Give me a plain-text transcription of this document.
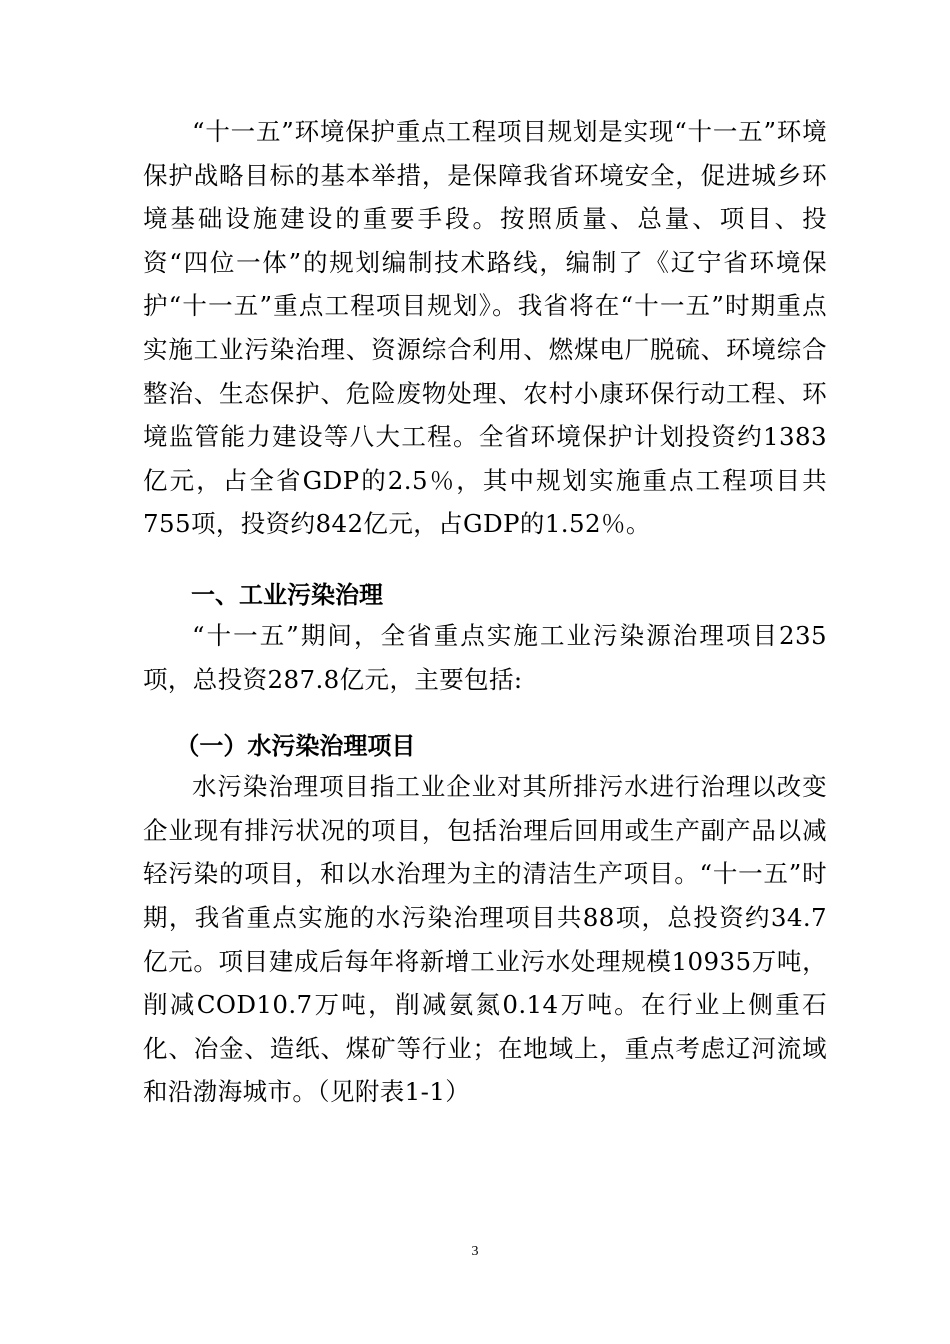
“十一五”环境保护重点工程项目规划是实现“十一五”环境保护战略目标的基本举措，是保障我省环境安全，促进城乡环境基础设施建设的重要手段。按照质量、总量、项目、投资“四位一体”的规划编制技术路线，编制了《辽宁省环境保护“十一五”重点工程项目规划》。我省将在“十一五”时期重点实施工业污染治理、资源综合利用、燃煤电厂脱硫、环境综合整治、生态保护、危险废物处理、农村小康环保行动工程、环境监管能力建设等八大工程。全省环境保护计划投资约1383亿元，占全省GDP的2.5％，其中规划实施重点工程项目共755项，投资约842亿元，占GDP的1.52％。

一、工业污染治理

“十一五”期间，全省重点实施工业污染源治理项目235项，总投资287.8亿元，主要包括:

（一）水污染治理项目

水污染治理项目指工业企业对其所排污水进行治理以改变企业现有排污状况的项目，包括治理后回用或生产副产品以减轻污染的项目，和以水治理为主的清洁生产项目。“十一五”时期，我省重点实施的水污染治理项目共88项，总投资约34.7亿元。项目建成后每年将新增工业污水处理规模10935万吨，削减COD10.7万吨，削减氨氮0.14万吨。在行业上侧重石化、冶金、造纸、煤矿等行业；在地域上，重点考虑辽河流域和沿渤海城市。（见附表1-1）

3
